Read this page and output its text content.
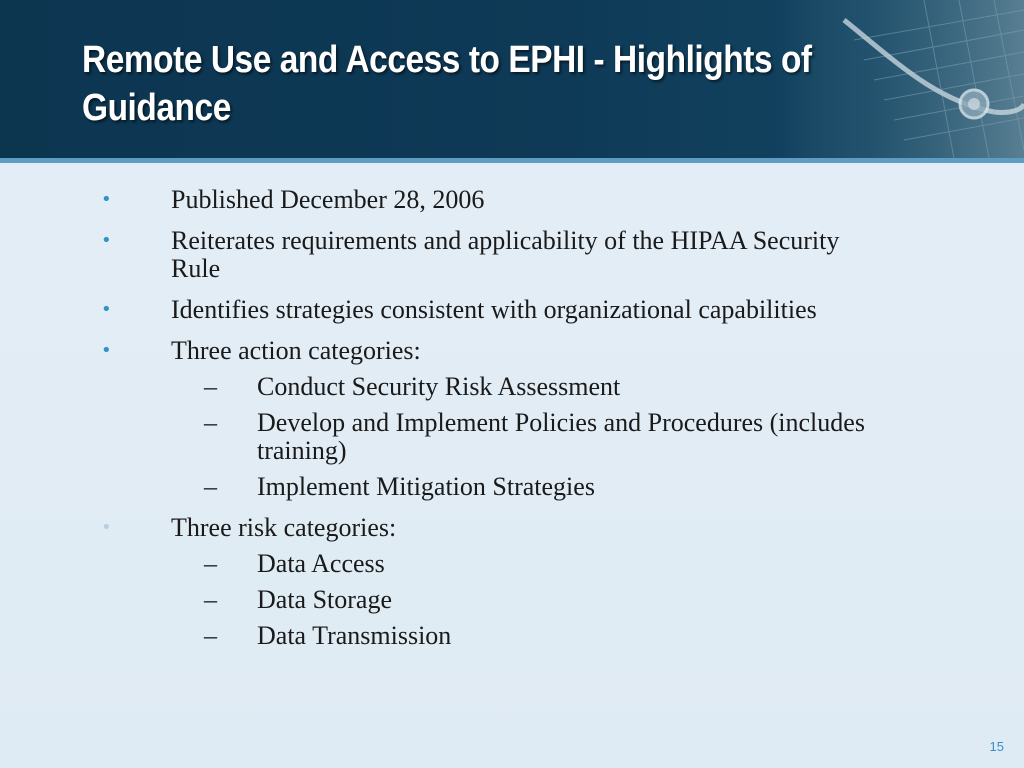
Remote Use and Access to EPHI - Highlights of Guidance
• Published December 28, 2006
• Reiterates requirements and applicability of the HIPAA Security Rule
• Identifies strategies consistent with organizational capabilities
• Three action categories:
– Conduct Security Risk Assessment
– Develop and Implement Policies and Procedures (includes training)
– Implement Mitigation Strategies
• Three risk categories:
– Data Access
– Data Storage
– Data Transmission
15
